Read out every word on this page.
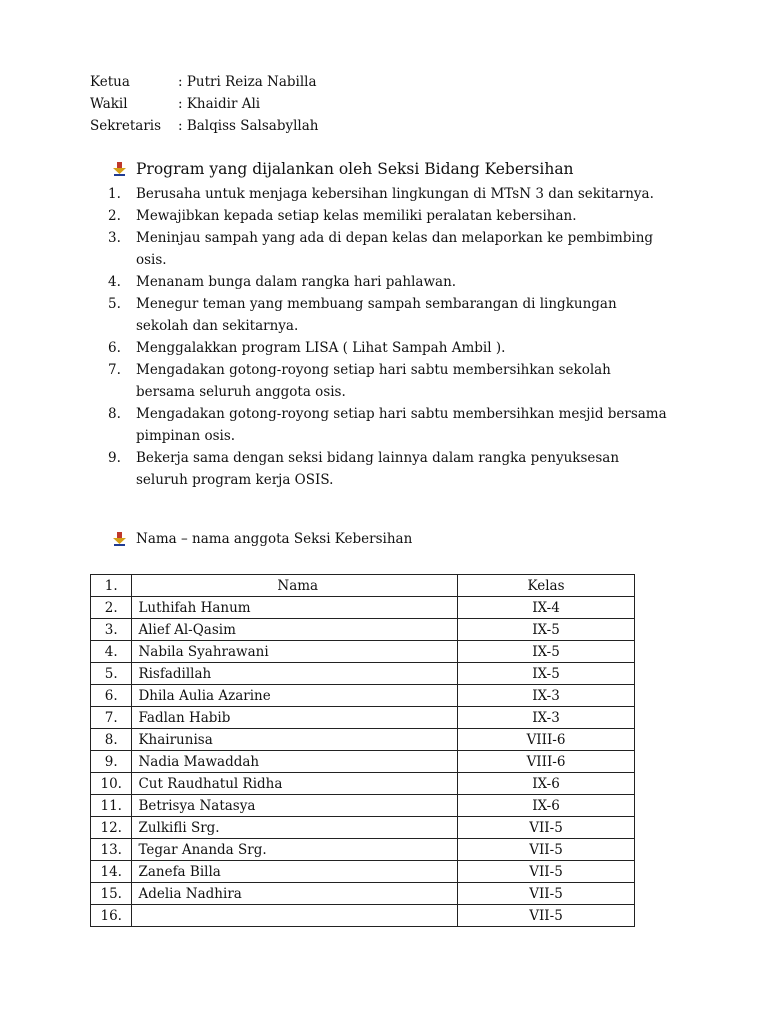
Ketua	: Putri Reiza Nabilla
Wakil	: Khaidir Ali
Sekretaris	: Balqiss Salsabyllah
Program yang dijalankan oleh Seksi Bidang Kebersihan
1.	Berusaha untuk menjaga kebersihan lingkungan di MTsN 3 dan sekitarnya.
2.	Mewajibkan kepada setiap kelas memiliki peralatan kebersihan.
3.	Meninjau sampah yang ada di depan kelas dan melaporkan ke pembimbing osis.
4.	Menanam bunga dalam rangka hari pahlawan.
5.	Menegur teman yang membuang sampah sembarangan di lingkungan sekolah dan sekitarnya.
6.	Menggalakkan program LISA ( Lihat Sampah Ambil ).
7.	Mengadakan gotong-royong setiap hari sabtu membersihkan sekolah bersama seluruh anggota osis.
8.	Mengadakan gotong-royong setiap hari sabtu membersihkan mesjid bersama pimpinan osis.
9.	Bekerja sama dengan seksi bidang lainnya dalam rangka penyuksesan seluruh program kerja OSIS.
Nama – nama anggota Seksi Kebersihan
1.	Nama	Kelas
2.	Luthifah Hanum	IX-4
3.	Alief Al-Qasim	IX-5
4.	Nabila Syahrawani	IX-5
5.	Risfadillah	IX-5
6.	Dhila Aulia Azarine	IX-3
7.	Fadlan Habib	IX-3
8.	Khairunisa	VIII-6
9.	Nadia Mawaddah	VIII-6
10.	Cut Raudhatul Ridha	IX-6
11.	Betrisya Natasya	IX-6
12.	Zulkifli Srg.	VII-5
13.	Tegar Ananda Srg.	VII-5
14.	Zanefa Billa	VII-5
15.	Adelia Nadhira	VII-5
16.		VII-5
